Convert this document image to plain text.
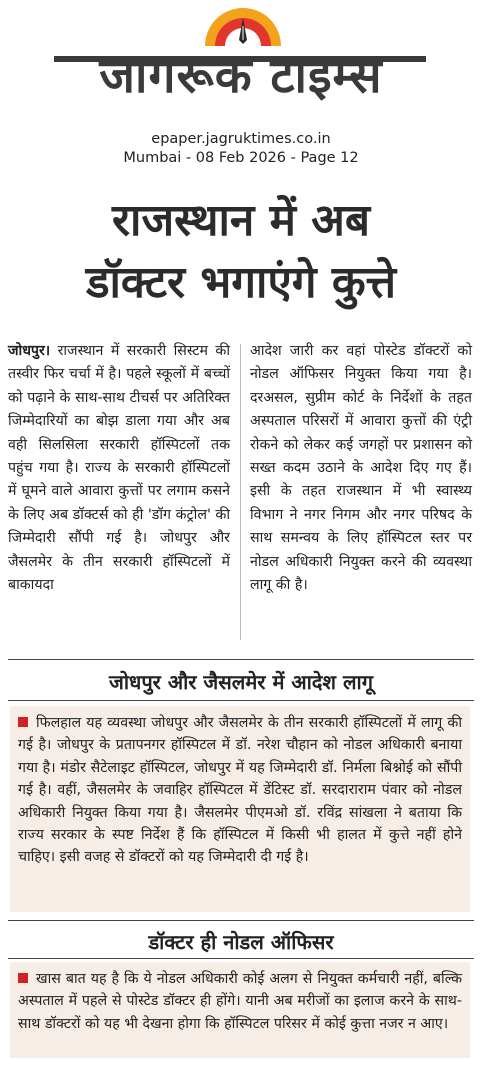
जागरूक टाइम्स
epaper.jagruktimes.co.in
Mumbai - 08 Feb 2026 - Page 12
राजस्थान में अब
डॉक्टर भगाएंगे कुत्ते
जोधपुर। राजस्थान में सरकारी सिस्टम की तस्वीर फिर चर्चा में है। पहले स्कूलों में बच्चों को पढ़ाने के साथ-साथ टीचर्स पर अतिरिक्त जिम्मेदारियों का बोझ डाला गया और अब वही सिलसिला सरकारी हॉस्पिटलों तक पहुंच गया है। राज्य के सरकारी हॉस्पिटलों में घूमने वाले आवारा कुत्तों पर लगाम कसने के लिए अब डॉक्टर्स को ही 'डॉग कंट्रोल' की जिम्मेदारी सौंपी गई है। जोधपुर और जैसलमेर के तीन सरकारी हॉस्पिटलों में बाकायदा
आदेश जारी कर वहां पोस्टेड डॉक्टरों को नोडल ऑफिसर नियुक्त किया गया है। दरअसल, सुप्रीम कोर्ट के निर्देशों के तहत अस्पताल परिसरों में आवारा कुत्तों की एंट्री रोकने को लेकर कई जगहों पर प्रशासन को सख्त कदम उठाने के आदेश दिए गए हैं। इसी के तहत राजस्थान में भी स्वास्थ्य विभाग ने नगर निगम और नगर परिषद के साथ समन्वय के लिए हॉस्पिटल स्तर पर नोडल अधिकारी नियुक्त करने की व्यवस्था लागू की है।
जोधपुर और जैसलमेर में आदेश लागू
फिलहाल यह व्यवस्था जोधपुर और जैसलमेर के तीन सरकारी हॉस्पिटलों में लागू की गई है। जोधपुर के प्रतापनगर हॉस्पिटल में डॉ. नरेश चौहान को नोडल अधिकारी बनाया गया है। मंडोर सैटेलाइट हॉस्पिटल, जोधपुर में यह जिम्मेदारी डॉ. निर्मला बिश्नोई को सौंपी गई है। वहीं, जैसलमेर के जवाहिर हॉस्पिटल में डेंटिस्ट डॉ. सरदाराराम पंवार को नोडल अधिकारी नियुक्त किया गया है। जैसलमेर पीएमओ डॉ. रविंद्र सांखला ने बताया कि राज्य सरकार के स्पष्ट निर्देश हैं कि हॉस्पिटल में किसी भी हालत में कुत्ते नहीं होने चाहिए। इसी वजह से डॉक्टरों को यह जिम्मेदारी दी गई है।
डॉक्टर ही नोडल ऑफिसर
खास बात यह है कि ये नोडल अधिकारी कोई अलग से नियुक्त कर्मचारी नहीं, बल्कि अस्पताल में पहले से पोस्टेड डॉक्टर ही होंगे। यानी अब मरीजों का इलाज करने के साथ-साथ डॉक्टरों को यह भी देखना होगा कि हॉस्पिटल परिसर में कोई कुत्ता नजर न आए।
